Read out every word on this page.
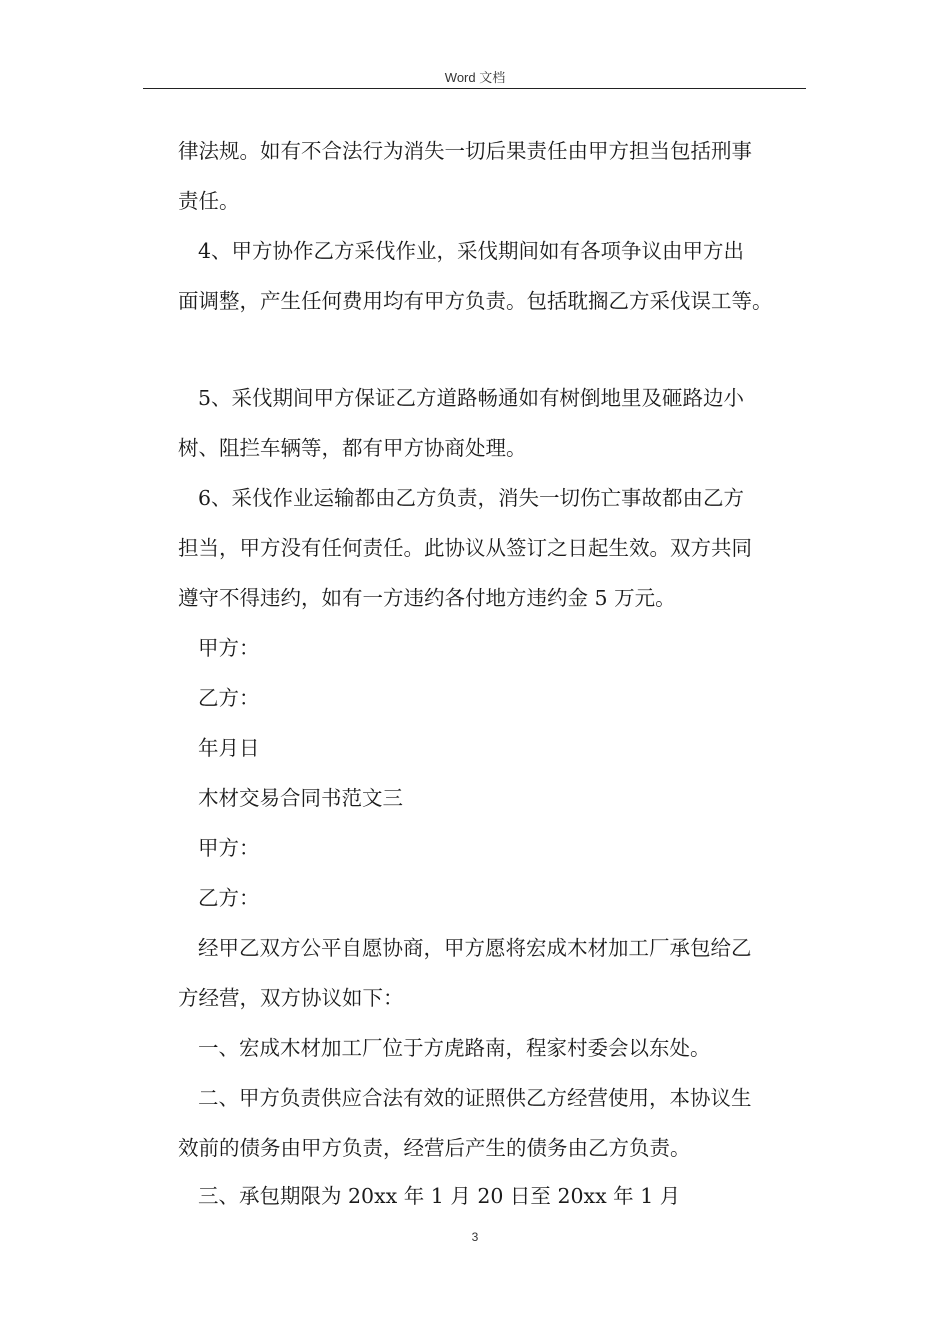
Word 文档
律法规。如有不合法行为消失一切后果责任由甲方担当包括刑事
责任。
4、甲方协作乙方采伐作业，采伐期间如有各项争议由甲方出
面调整，产生任何费用均有甲方负责。包括耽搁乙方采伐误工等。
5、采伐期间甲方保证乙方道路畅通如有树倒地里及砸路边小
树、阻拦车辆等，都有甲方协商处理。
6、采伐作业运输都由乙方负责，消失一切伤亡事故都由乙方
担当，甲方没有任何责任。此协议从签订之日起生效。双方共同
遵守不得违约，如有一方违约各付地方违约金 5 万元。
甲方：
乙方：
年月日
木材交易合同书范文三
甲方：
乙方：
经甲乙双方公平自愿协商，甲方愿将宏成木材加工厂承包给乙
方经营，双方协议如下：
一、宏成木材加工厂位于方虎路南，程家村委会以东处。
二、甲方负责供应合法有效的证照供乙方经营使用，本协议生
效前的债务由甲方负责，经营后产生的债务由乙方负责。
三、承包期限为 20xx 年 1 月 20 日至 20xx 年 1 月
3
